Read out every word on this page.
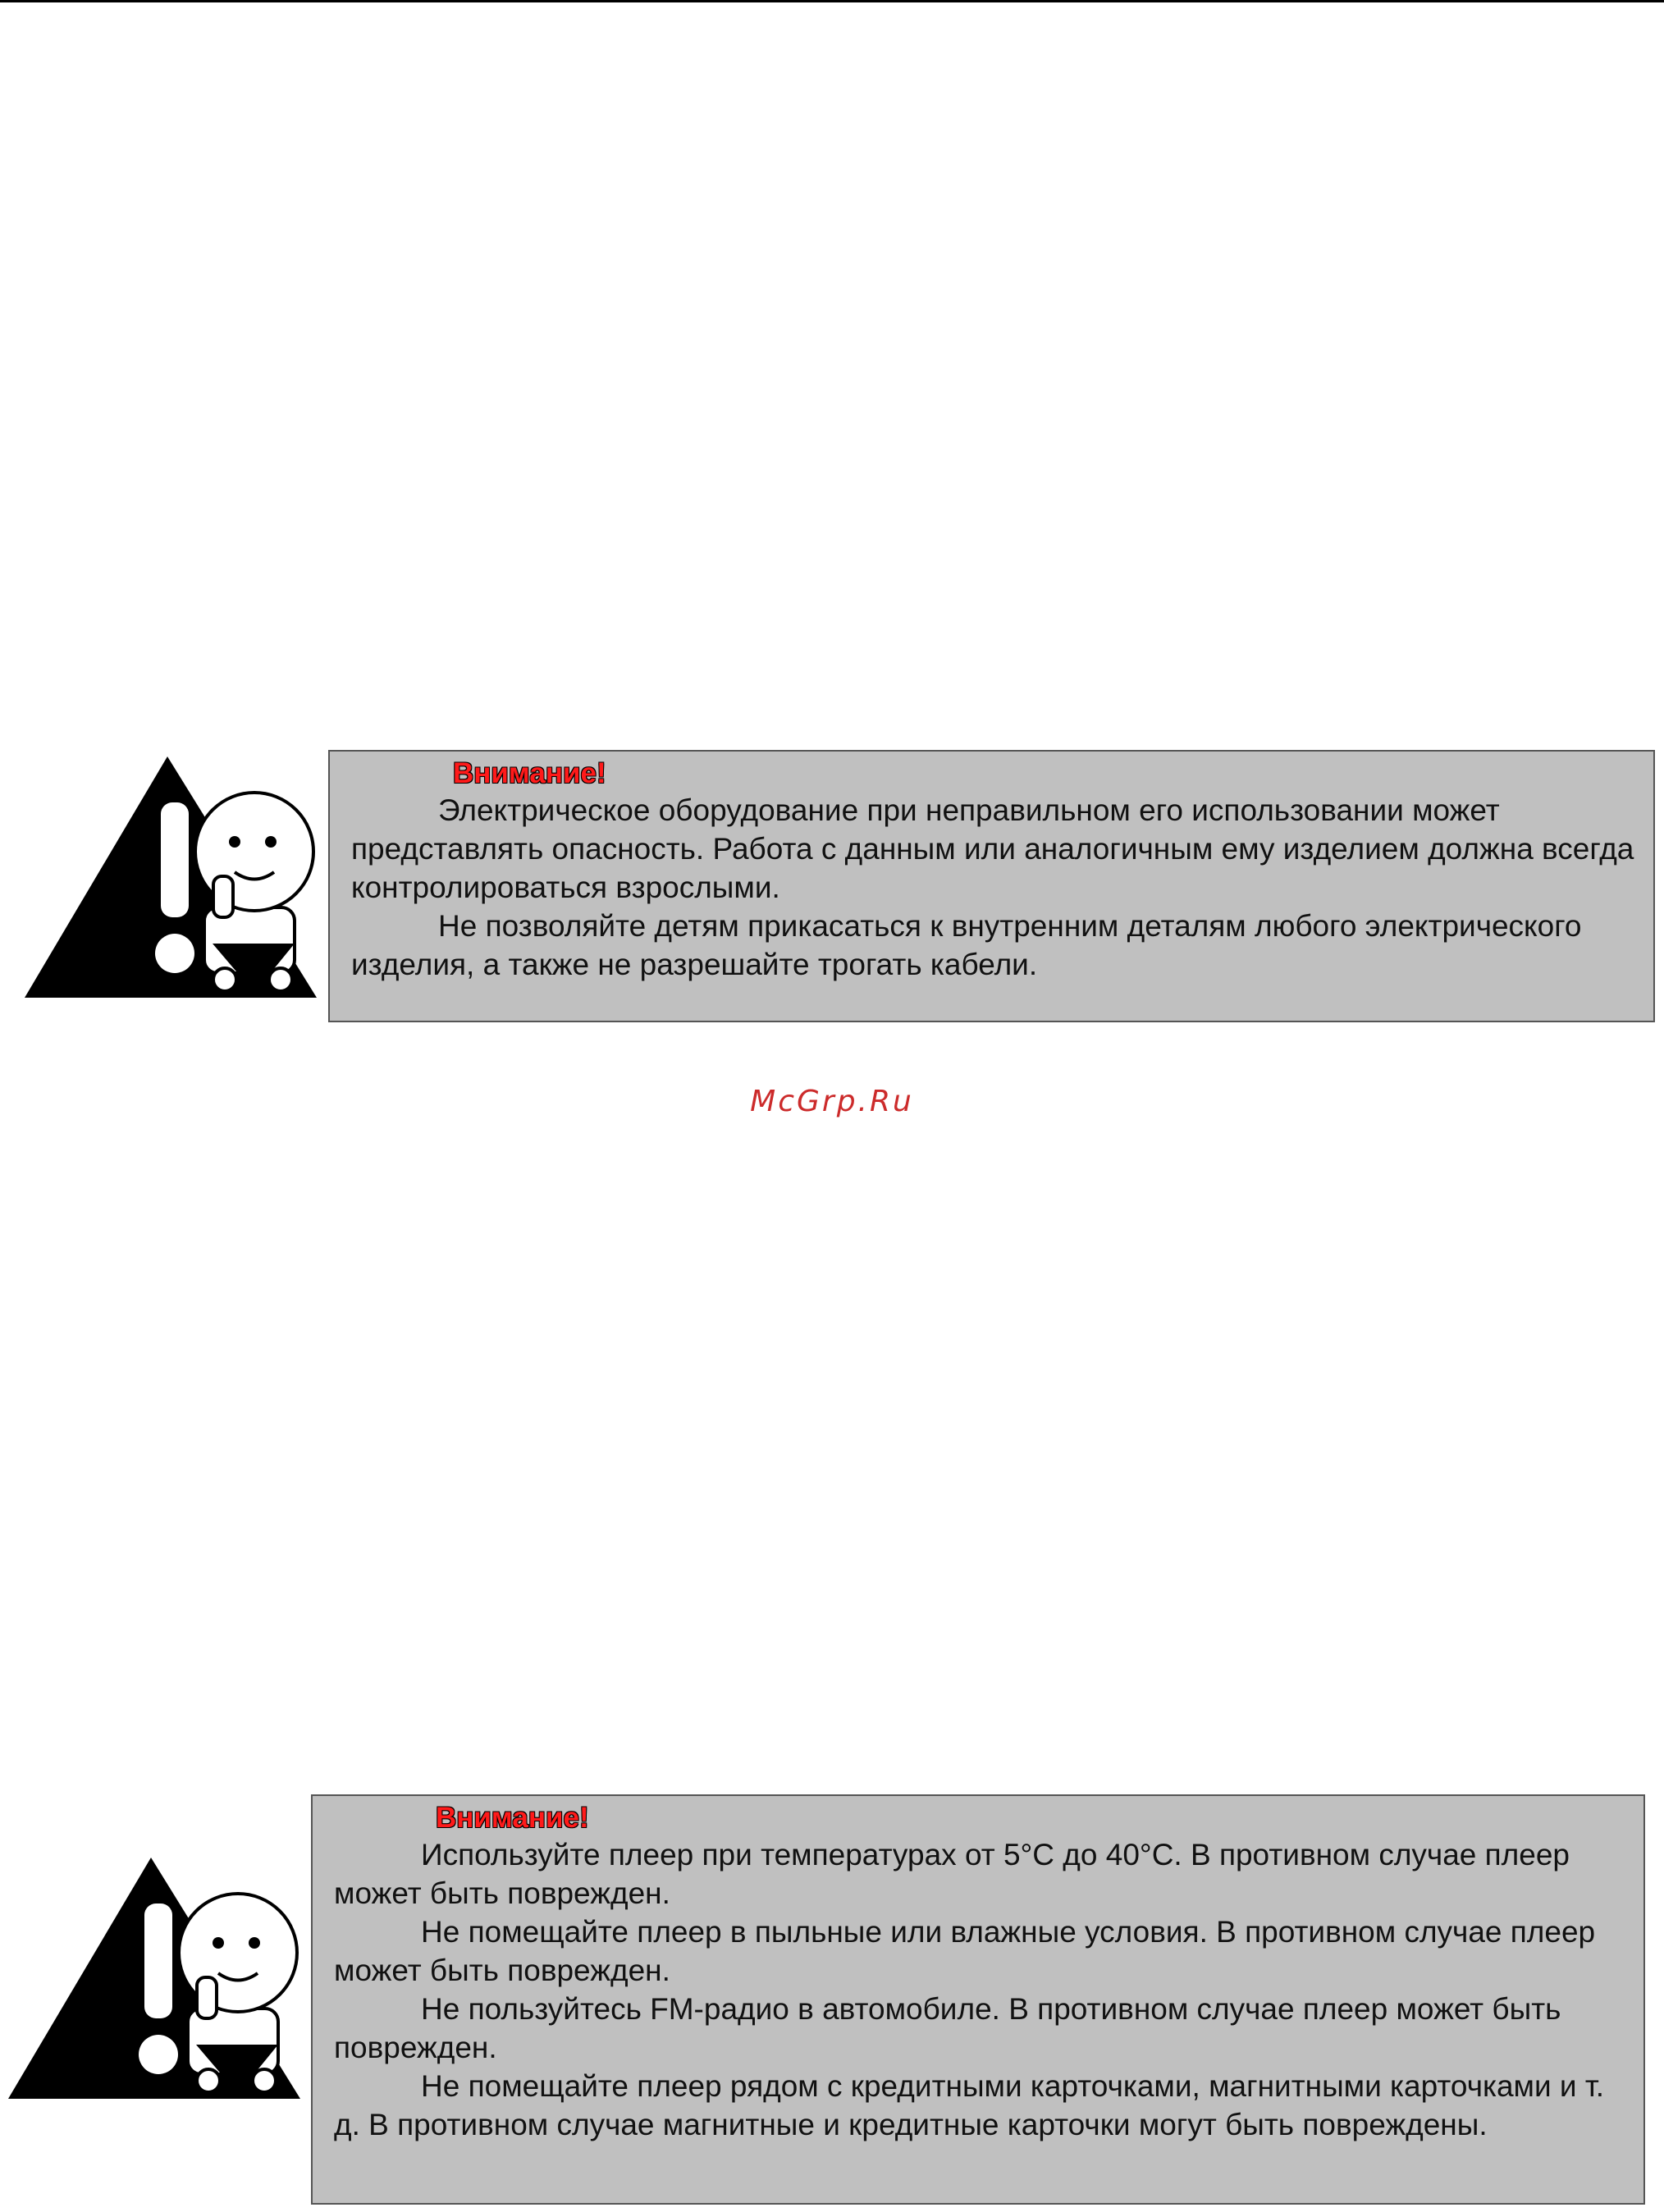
Внимание!

Электрическое оборудование при неправильном его использовании может представлять опасность. Работа с данным или аналогичным ему изделием должна всегда контролироваться взрослыми.

Не позволяйте детям прикасаться к внутренним деталям любого электрического изделия, а также не разрешайте трогать кабели.

McGrp.Ru
Внимание!

Используйте плеер при температурах от 5°C до 40°C. В противном случае плеер может быть поврежден.

Не помещайте плеер в пыльные или влажные условия. В противном случае плеер может быть поврежден.

Не пользуйтесь FM-радио в автомобиле. В противном случае плеер может быть поврежден.

Не помещайте плеер рядом с кредитными карточками, магнитными карточками и т. д. В противном случае магнитные и кредитные карточки могут быть повреждены.
